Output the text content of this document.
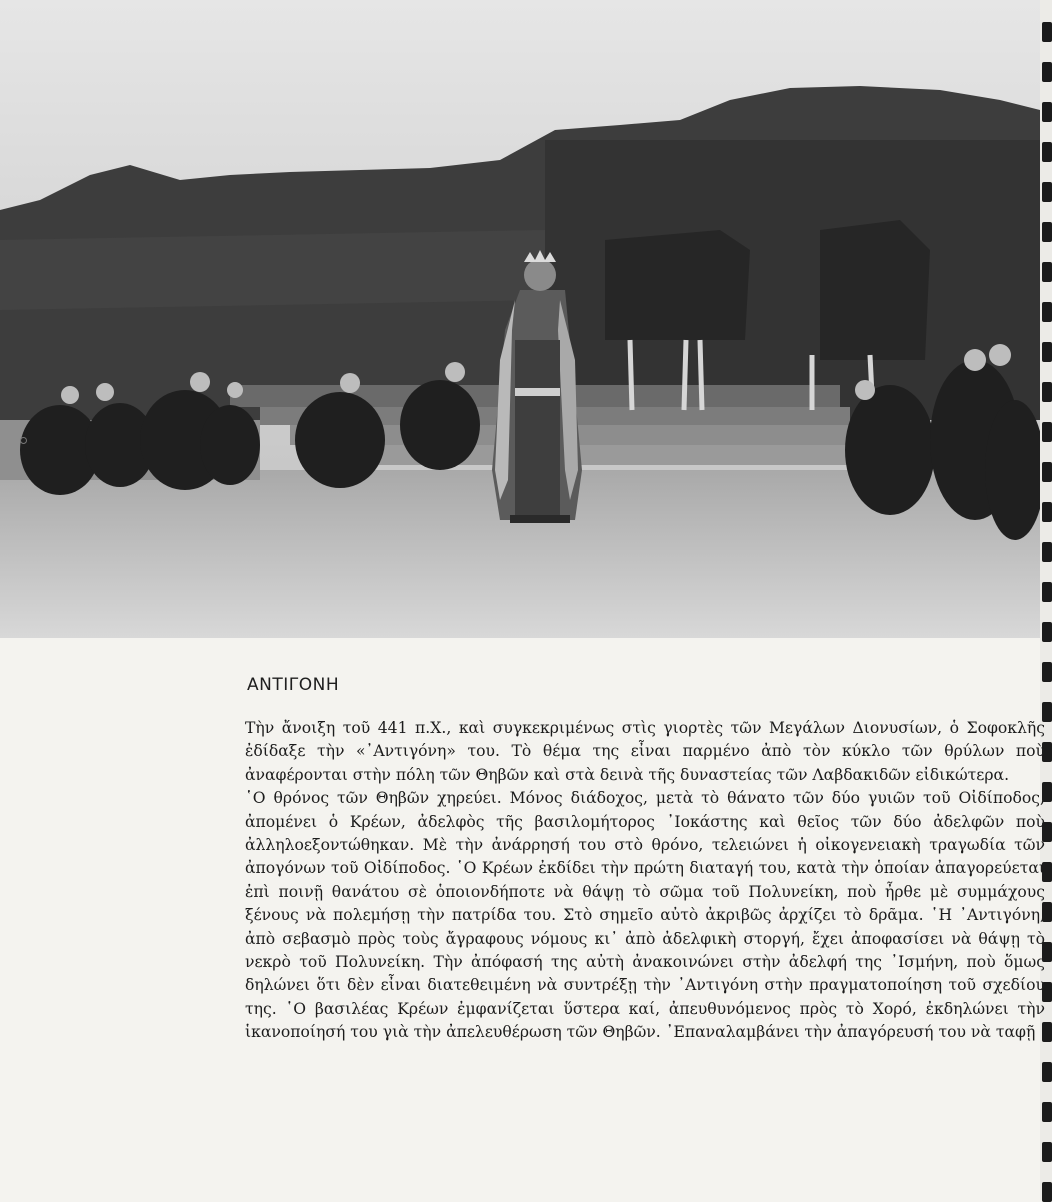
ΑΝΤΙΓΟΝΗ

Τὴν ἄνοιξη τοῦ 441 π.Χ., καὶ συγκεκριμένως στὶς γιορτὲς τῶν Μεγάλων Διονυσίων, ὁ Σοφοκλῆς ἐδίδαξε τὴν «᾽Αντιγόνη» του. Τὸ θέμα της εἶναι παρμένο ἀπὸ τὸν κύκλο τῶν θρύλων ποὺ ἀναφέρονται στὴν πόλη τῶν Θηβῶν καὶ στὰ δεινὰ τῆς δυναστείας τῶν Λαβδακιδῶν εἰδικώτερα.

῾Ο θρόνος τῶν Θηβῶν χηρεύει. Μόνος διάδοχος, μετὰ τὸ θάνατο τῶν δύο γυιῶν τοῦ Οἰδίποδος, ἀπομένει ὁ Κρέων, ἀδελφὸς τῆς βασιλομήτορος ᾽Ιοκάστης καὶ θεῖος τῶν δύο ἀδελφῶν ποὺ ἀλληλοεξοντώθηκαν. Μὲ τὴν ἀνάρρησή του στὸ θρόνο, τελειώνει ἡ οἰκογενειακὴ τραγωδία τῶν ἀπογόνων τοῦ Οἰδίποδος. ῾Ο Κρέων ἐκδίδει τὴν πρώτη διαταγή του, κατὰ τὴν ὁποίαν ἀπαγορεύεται ἐπὶ ποινῇ θανάτου σὲ ὁποιονδήποτε νὰ θάψῃ τὸ σῶμα τοῦ Πολυνείκη, ποὺ ἦρθε μὲ συμμάχους ξένους νὰ πολεμήσῃ τὴν πατρίδα του. Στὸ σημεῖο αὐτὸ ἀκριβῶς ἀρχίζει τὸ δρᾶμα. ῾Η ᾽Αντιγόνη, ἀπὸ σεβασμὸ πρὸς τοὺς ἄγραφους νόμους κι᾽ ἀπὸ ἀδελφικὴ στοργή, ἔχει ἀποφασίσει νὰ θάψῃ τὸ νεκρὸ τοῦ Πολυνείκη. Τὴν ἀπόφασή της αὐτὴ ἀνακοινώνει στὴν ἀδελφή της ᾽Ισμήνη, ποὺ ὅμως δηλώνει ὅτι δὲν εἶναι διατεθειμένη νὰ συντρέξῃ τὴν ᾽Αντιγόνη στὴν πραγματοποίηση τοῦ σχεδίου της. ῾Ο βασιλέας Κρέων ἐμφανίζεται ὕστερα καί, ἀπευθυνόμενος πρὸς τὸ Χορό, ἐκδηλώνει τὴν ἱκανοποίησή του γιὰ τὴν ἀπελευθέρωση τῶν Θηβῶν. ᾽Επαναλαμβάνει τὴν ἀπαγόρευσή του νὰ ταφῇ
